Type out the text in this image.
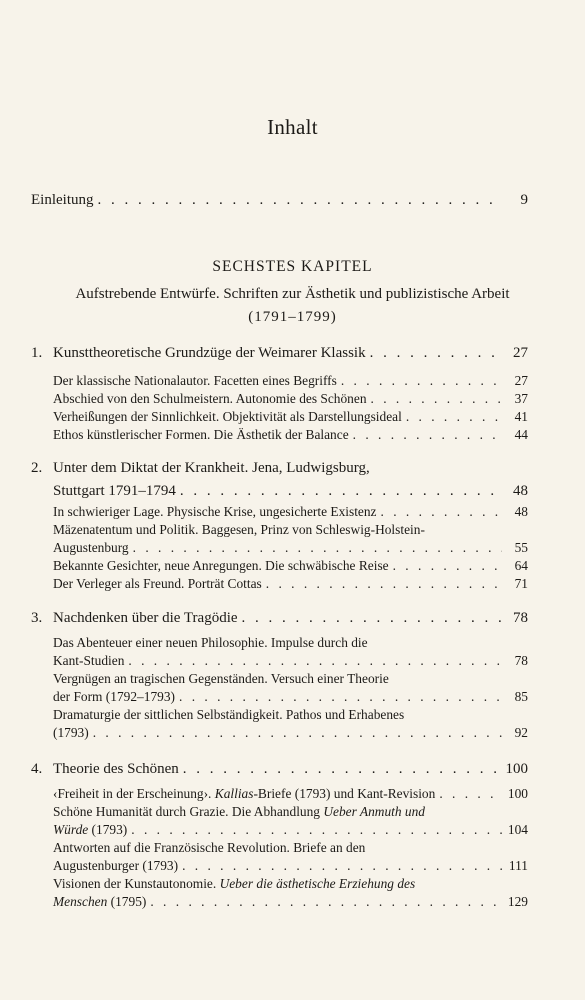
Inhalt
Einleitung . . .	9
SECHSTES KAPITEL
Aufstrebende Entwürfe. Schriften zur Ästhetik und publizistische Arbeit
(1791–1799)
1. Kunsttheoretische Grundzüge der Weimarer Klassik . . .	27
Der klassische Nationalautor. Facetten eines Begriffs . . .	27
Abschied von den Schulmeistern. Autonomie des Schönen . . .	37
Verheißungen der Sinnlichkeit. Objektivität als Darstellungsideal . . .	41
Ethos künstlerischer Formen. Die Ästhetik der Balance . . .	44
2. Unter dem Diktat der Krankheit. Jena, Ludwigsburg,
Stuttgart 1791–1794 . . .	48
In schwieriger Lage. Physische Krise, ungesicherte Existenz . . .	48
Mäzenatentum und Politik. Baggesen, Prinz von Schleswig-Holstein-
Augustenburg . . .	55
Bekannte Gesichter, neue Anregungen. Die schwäbische Reise . . .	64
Der Verleger als Freund. Porträt Cottas . . .	71
3. Nachdenken über die Tragödie . . .	78
Das Abenteuer einer neuen Philosophie. Impulse durch die
Kant-Studien . . .	78
Vergnügen an tragischen Gegenständen. Versuch einer Theorie
der Form (1792–1793) . . .	85
Dramaturgie der sittlichen Selbständigkeit. Pathos und Erhabenes
(1793) . . .	92
4. Theorie des Schönen . . .	100
‹Freiheit in der Erscheinung›. Kallias-Briefe (1793) und Kant-Revision . . .	100
Schöne Humanität durch Grazie. Die Abhandlung Ueber Anmuth und
Würde (1793) . . .	104
Antworten auf die Französische Revolution. Briefe an den
Augustenburger (1793) . . .	111
Visionen der Kunstautonomie. Ueber die ästhetische Erziehung des
Menschen (1795) . . .	129
